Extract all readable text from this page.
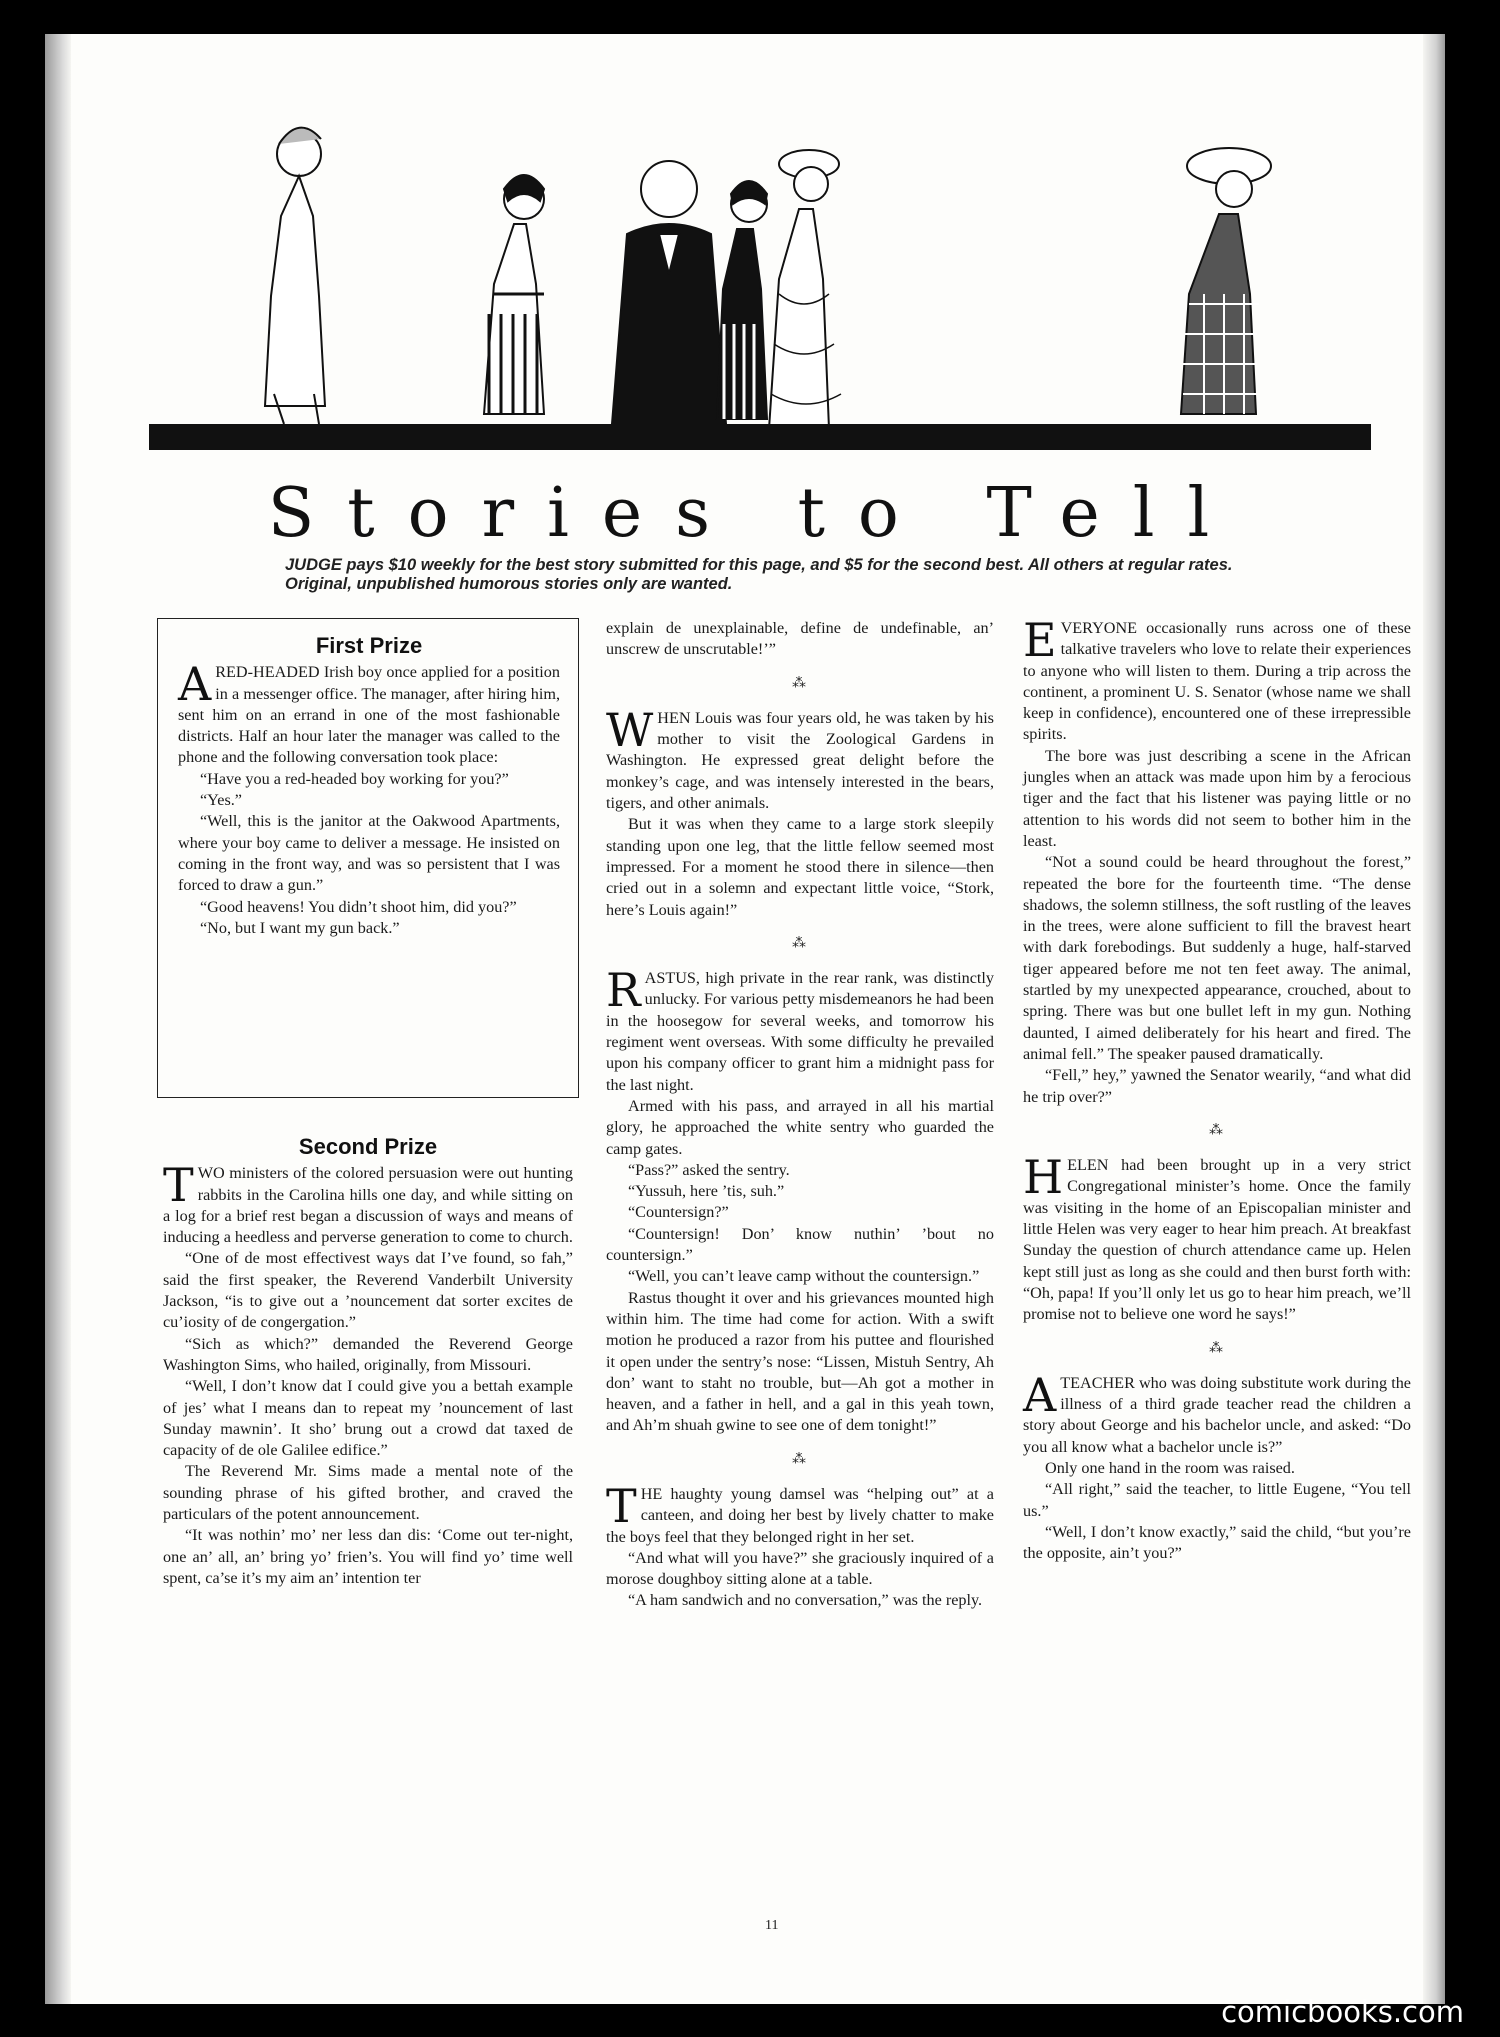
Stories to Tell

JUDGE pays $10 weekly for the best story submitted for this page, and $5 for the second best. All others at regular rates. Original, unpublished humorous stories only are wanted.

First Prize

ARED-HEADED Irish boy once applied for a position in a messenger office. The manager, after hiring him, sent him on an errand in one of the most fashionable districts. Half an hour later the manager was called to the phone and the following conversation took place:

“Have you a red-headed boy working for you?”

“Yes.”

“Well, this is the janitor at the Oakwood Apartments, where your boy came to deliver a message. He insisted on coming in the front way, and was so persistent that I was forced to draw a gun.”

“Good heavens! You didn’t shoot him, did you?”

“No, but I want my gun back.”

Second Prize

TWO ministers of the colored persuasion were out hunting rabbits in the Carolina hills one day, and while sitting on a log for a brief rest began a discussion of ways and means of inducing a heedless and perverse generation to come to church.

“One of de most effectivest ways dat I’ve found, so fah,” said the first speaker, the Reverend Vanderbilt University Jackson, “is to give out a ’nouncement dat sorter excites de cu’iosity of de congergation.”

“Sich as which?” demanded the Reverend George Washington Sims, who hailed, originally, from Missouri.

“Well, I don’t know dat I could give you a bettah example of jes’ what I means dan to repeat my ’nouncement of last Sunday mawnin’. It sho’ brung out a crowd dat taxed de capacity of de ole Galilee edifice.”

The Reverend Mr. Sims made a mental note of the sounding phrase of his gifted brother, and craved the particulars of the potent announcement.

“It was nothin’ mo’ ner less dan dis: ‘Come out ter-night, one an’ all, an’ bring yo’ frien’s. You will find yo’ time well spent, ca’se it’s my aim an’ intention ter

explain de unexplainable, define de undefinable, an’ unscrew de unscrutable!’”

⁂

WHEN Louis was four years old, he was taken by his mother to visit the Zoological Gardens in Washington. He expressed great delight before the monkey’s cage, and was intensely interested in the bears, tigers, and other animals.

But it was when they came to a large stork sleepily standing upon one leg, that the little fellow seemed most impressed. For a moment he stood there in silence—then cried out in a solemn and expectant little voice, “Stork, here’s Louis again!”

⁂

RASTUS, high private in the rear rank, was distinctly unlucky. For various petty misdemeanors he had been in the hoosegow for several weeks, and tomorrow his regiment went overseas. With some difficulty he prevailed upon his company officer to grant him a midnight pass for the last night.

Armed with his pass, and arrayed in all his martial glory, he approached the white sentry who guarded the camp gates.

“Pass?” asked the sentry.

“Yussuh, here ’tis, suh.”

“Countersign?”

“Countersign! Don’ know nuthin’ ’bout no countersign.”

“Well, you can’t leave camp without the countersign.”

Rastus thought it over and his grievances mounted high within him. The time had come for action. With a swift motion he produced a razor from his puttee and flourished it open under the sentry’s nose: “Lissen, Mistuh Sentry, Ah don’ want to staht no trouble, but—Ah got a mother in heaven, and a father in hell, and a gal in this yeah town, and Ah’m shuah gwine to see one of dem tonight!”

⁂

THE haughty young damsel was “helping out” at a canteen, and doing her best by lively chatter to make the boys feel that they belonged right in her set.

“And what will you have?” she graciously inquired of a morose doughboy sitting alone at a table.

“A ham sandwich and no conversation,” was the reply.

EVERYONE occasionally runs across one of these talkative travelers who love to relate their experiences to anyone who will listen to them. During a trip across the continent, a prominent U. S. Senator (whose name we shall keep in confidence), encountered one of these irrepressible spirits.

The bore was just describing a scene in the African jungles when an attack was made upon him by a ferocious tiger and the fact that his listener was paying little or no attention to his words did not seem to bother him in the least.

“Not a sound could be heard throughout the forest,” repeated the bore for the fourteenth time. “The dense shadows, the solemn stillness, the soft rustling of the leaves in the trees, were alone sufficient to fill the bravest heart with dark forebodings. But suddenly a huge, half-starved tiger appeared before me not ten feet away. The animal, startled by my unexpected appearance, crouched, about to spring. There was but one bullet left in my gun. Nothing daunted, I aimed deliberately for his heart and fired. The animal fell.” The speaker paused dramatically.

“Fell,” hey,” yawned the Senator wearily, “and what did he trip over?”

⁂

HELEN had been brought up in a very strict Congregational minister’s home. Once the family was visiting in the home of an Episcopalian minister and little Helen was very eager to hear him preach. At breakfast Sunday the question of church attendance came up. Helen kept still just as long as she could and then burst forth with: “Oh, papa! If you’ll only let us go to hear him preach, we’ll promise not to believe one word he says!”

⁂

ATEACHER who was doing substitute work during the illness of a third grade teacher read the children a story about George and his bachelor uncle, and asked: “Do you all know what a bachelor uncle is?”

Only one hand in the room was raised.

“All right,” said the teacher, to little Eugene, “You tell us.”

“Well, I don’t know exactly,” said the child, “but you’re the opposite, ain’t you?”

11
comicbooks.com
